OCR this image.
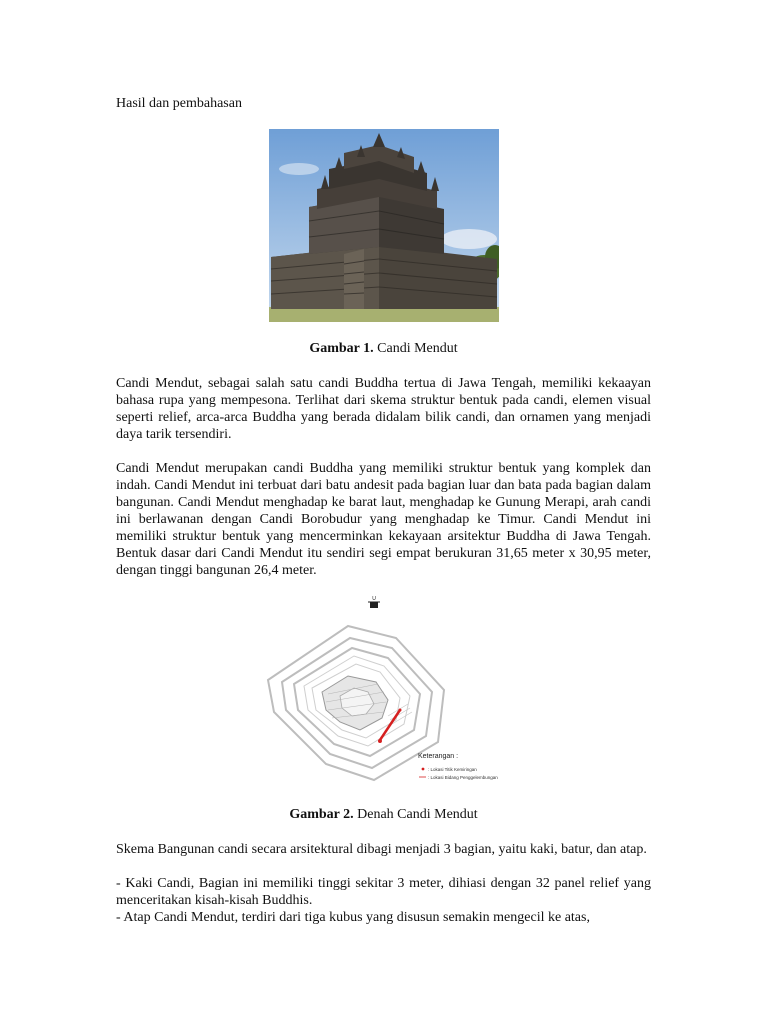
Hasil dan pembahasan
Gambar 1. Candi Mendut

Candi Mendut, sebagai salah satu candi Buddha tertua di Jawa Tengah, memiliki kekaayan bahasa rupa yang mempesona. Terlihat dari skema struktur bentuk pada candi, elemen visual seperti relief, arca-arca Buddha yang berada didalam bilik candi, dan ornamen yang menjadi daya tarik tersendiri.

Candi Mendut merupakan candi Buddha yang memiliki struktur bentuk yang komplek dan indah. Candi Mendut ini terbuat dari batu andesit pada bagian luar dan bata pada bagian dalam bangunan. Candi Mendut menghadap ke barat laut, menghadap ke Gunung Merapi, arah candi ini berlawanan dengan Candi Borobudur yang menghadap ke Timur. Candi Mendut ini memiliki struktur bentuk yang mencerminkan kekayaan arsitektur Buddha di Jawa Tengah. Bentuk dasar dari Candi Mendut itu sendiri segi empat berukuran 31,65 meter x 30,95 meter, dengan tinggi bangunan 26,4 meter.

U
Keterangan :
: Lokasi Titik Kemiringan
: Lokasi Bidang Penggelembungan
Gambar 2. Denah Candi Mendut

Skema Bangunan candi secara arsitektural dibagi menjadi 3 bagian, yaitu kaki, batur, dan atap.

- Kaki Candi, Bagian ini memiliki tinggi sekitar 3 meter, dihiasi dengan 32 panel relief yang menceritakan kisah-kisah Buddhis.

- Atap Candi Mendut, terdiri dari tiga kubus yang disusun semakin mengecil ke atas,
